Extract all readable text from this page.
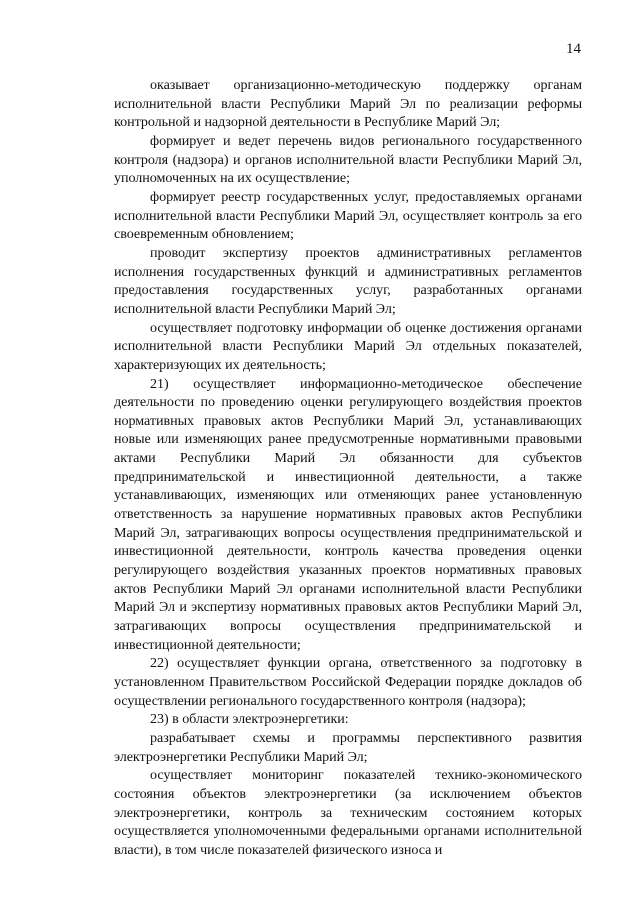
14

оказывает организационно-методическую поддержку органам исполнительной власти Республики Марий Эл по реализации реформы контрольной и надзорной деятельности в Республике Марий Эл;

формирует и ведет перечень видов регионального государственного контроля (надзора) и органов исполнительной власти Республики Марий Эл, уполномоченных на их осуществление;

формирует реестр государственных услуг, предоставляемых органами исполнительной власти Республики Марий Эл, осуществляет контроль за его своевременным обновлением;

проводит экспертизу проектов административных регламентов исполнения государственных функций и административных регламентов предоставления государственных услуг, разработанных органами исполнительной власти Республики Марий Эл;

осуществляет подготовку информации об оценке достижения органами исполнительной власти Республики Марий Эл отдельных показателей, характеризующих их деятельность;

21) осуществляет информационно-методическое обеспечение деятельности по проведению оценки регулирующего воздействия проектов нормативных правовых актов Республики Марий Эл, устанавливающих новые или изменяющих ранее предусмотренные нормативными правовыми актами Республики Марий Эл обязанности для субъектов предпринимательской и инвестиционной деятельности, а также устанавливающих, изменяющих или отменяющих ранее установленную ответственность за нарушение нормативных правовых актов Республики Марий Эл, затрагивающих вопросы осуществления предпринимательской и инвестиционной деятельности, контроль качества проведения оценки регулирующего воздействия указанных проектов нормативных правовых актов Республики Марий Эл органами исполнительной власти Республики Марий Эл и экспертизу нормативных правовых актов Республики Марий Эл, затрагивающих вопросы осуществления предпринимательской и инвестиционной деятельности;

22) осуществляет функции органа, ответственного за подготовку в установленном Правительством Российской Федерации порядке докладов об осуществлении регионального государственного контроля (надзора);

23) в области электроэнергетики:

разрабатывает схемы и программы перспективного развития электроэнергетики Республики Марий Эл;

осуществляет мониторинг показателей технико-экономического состояния объектов электроэнергетики (за исключением объектов электроэнергетики, контроль за техническим состоянием которых осуществляется уполномоченными федеральными органами исполнительной власти), в том числе показателей физического износа и
